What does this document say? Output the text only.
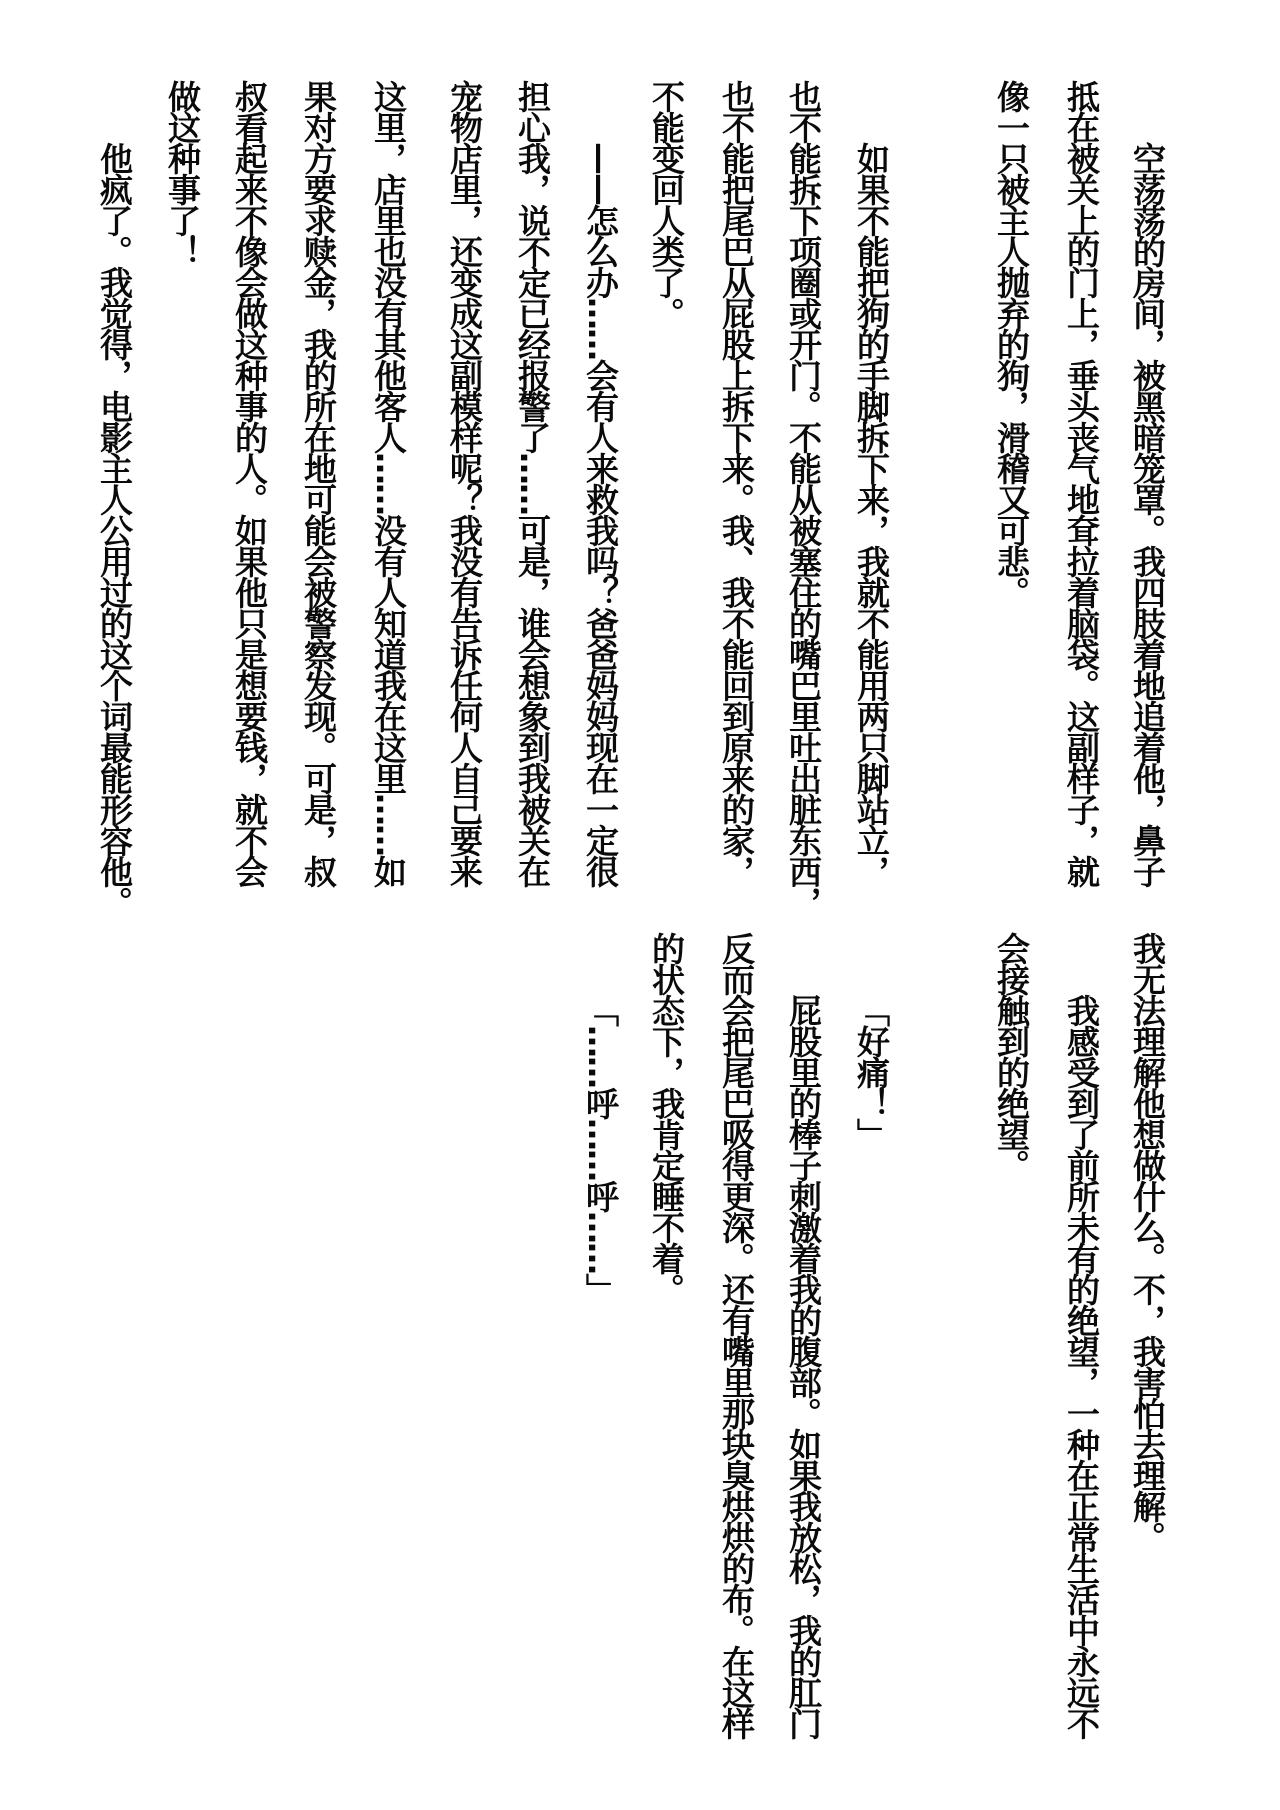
空荡荡的房间，被黑暗笼罩。我四肢着地追着他，鼻子
抵在被关上的门上，垂头丧气地耷拉着脑袋。这副样子，就
像一只被主人抛弃的狗，滑稽又可悲。
如果不能把狗的手脚拆下来，我就不能用两只脚站立，
也不能拆下项圈或开门。不能从被塞住的嘴巴里吐出脏东西，
也不能把尾巴从屁股上拆下来。我、我不能回到原来的家，
不能变回人类了。
——怎么办……会有人来救我吗？爸爸妈妈现在一定很
担心我，说不定已经报警了……可是，谁会想象到我被关在
宠物店里，还变成这副模样呢？我没有告诉任何人自己要来
这里，店里也没有其他客人……没有人知道我在这里……如
果对方要求赎金，我的所在地可能会被警察发现。可是，叔
叔看起来不像会做这种事的人。如果他只是想要钱，就不会
做这种事了！
他疯了。我觉得，电影主人公用过的这个词最能形容他。
我无法理解他想做什么。不，我害怕去理解。
我感受到了前所未有的绝望，一种在正常生活中永远不
会接触到的绝望。
「好痛！」
屁股里的棒子刺激着我的腹部。如果我放松，我的肛门
反而会把尾巴吸得更深。还有嘴里那块臭烘烘的布。在这样
的状态下，我肯定睡不着。
「……呼……呼……」
